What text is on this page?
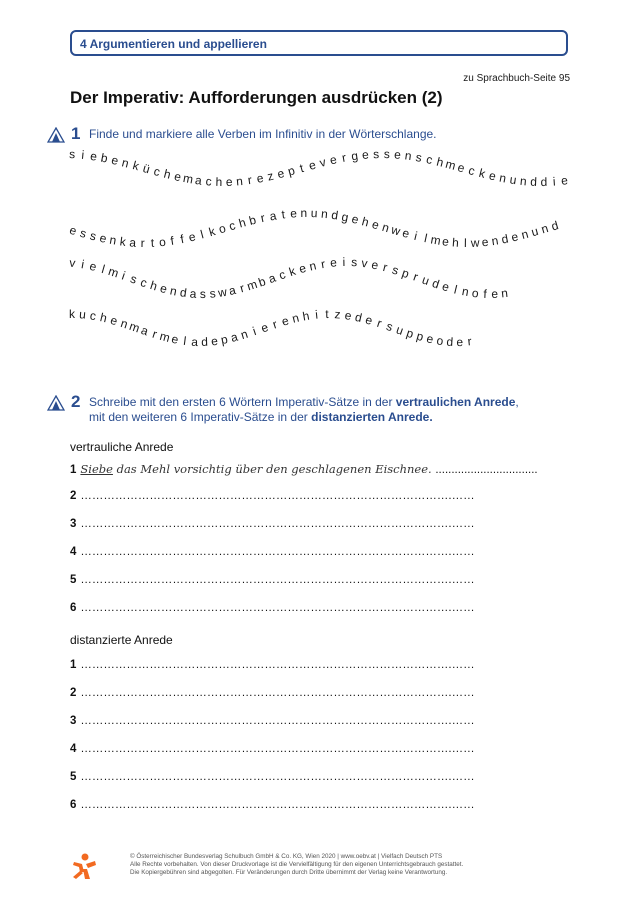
4 Argumentieren und appellieren
zu Sprachbuch-Seite 95
Der Imperativ: Aufforderungen ausdrücken (2)
1 Finde und markiere alle Verben im Infinitiv in der Wörterschlange.
s i e b e n k ü c h e m a c h e n r e z e p t e v e r g e s s e n s c h
m
e c k e n u n d d i e
e s s e n k a r t o f f e l k o c h b r a t e n u n d g e h e n
w
e i l m e h l w e n d e n u n d
v i e l m i s c h e n d a s s w a r m
b a c k e n r e i s v e r s p r u d e l n o f e n
k u c h e n
m
a r m
e l a d e p a n i e r e n h i t z e d e r s u p p e o d e r
2 Schreibe mit den ersten 6 Wörtern Imperativ-Sätze in der vertraulichen Anrede,
mit den weiteren 6 Imperativ-Sätze in der distanzierten Anrede.
vertrauliche Anrede
1 Siebe das Mehl vorsichtig über den geschlagenen Eischnee. ................................
2 …………………………………………………………………………………….……
3 …………………………………………………………………………………….……
4 …………………………………………………………………………………….……
5 …………………………………………………………………………………….……
6 …………………………………………………………………………………….……
distanzierte Anrede
1 …………………………………………………………………………………….……
2 …………………………………………………………………………………….……
3 …………………………………………………………………………………….……
4 …………………………………………………………………………………….……
5 …………………………………………………………………………………….……
6 …………………………………………………………………………………….……
© Österreichischer Bundesverlag Schulbuch GmbH & Co. KG, Wien 2020 | www.oebv.at | Vielfach Deutsch PTS
Alle Rechte vorbehalten. Von dieser Druckvorlage ist die Vervielfältigung für den eigenen Unterrichtsgebrauch gestattet.
Die Kopiergebühren sind abgegolten. Für Veränderungen durch Dritte übernimmt der Verlag keine Verantwortung.
